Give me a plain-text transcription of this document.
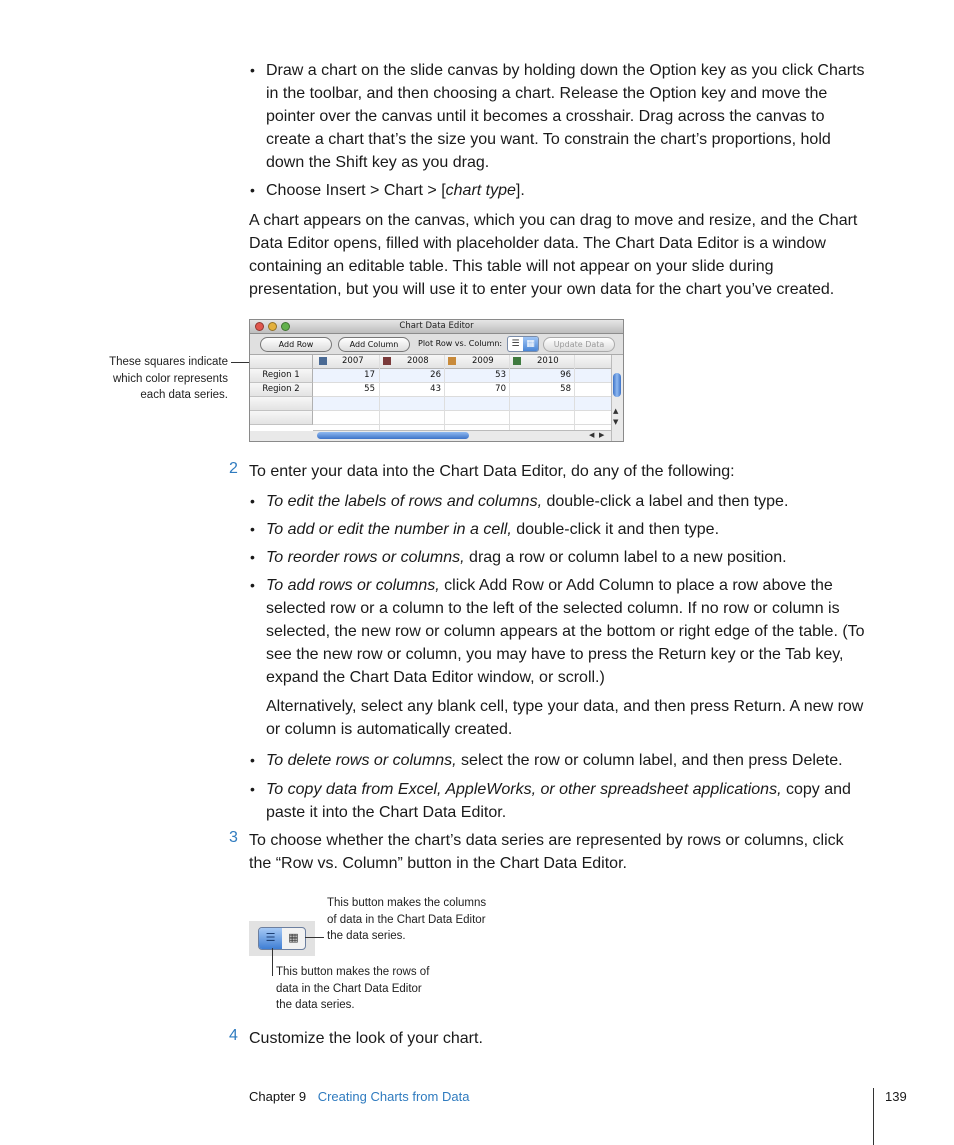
• Draw a chart on the slide canvas by holding down the Option key as you click Charts in the toolbar, and then choosing a chart. Release the Option key and move the pointer over the canvas until it becomes a crosshair. Drag across the canvas to create a chart that’s the size you want. To constrain the chart’s proportions, hold down the Shift key as you drag.
• Choose Insert > Chart > [chart type].
A chart appears on the canvas, which you can drag to move and resize, and the Chart Data Editor opens, filled with placeholder data. The Chart Data Editor is a window containing an editable table. This table will not appear on your slide during presentation, but you will use it to enter your own data for the chart you’ve created.
These squares indicate which color represents each data series.
Chart Data Editor
Add Row	Add Column	Plot Row vs. Column:	☰ ▦	Update Data
2007	2008	2009	2010
Region 1	17	26	53	96
Region 2	55	43	70	58
▲
▼
◀ ▶
2 To enter your data into the Chart Data Editor, do any of the following:
• To edit the labels of rows and columns, double-click a label and then type.
• To add or edit the number in a cell, double-click it and then type.
• To reorder rows or columns, drag a row or column label to a new position.
• To add rows or columns, click Add Row or Add Column to place a row above the selected row or a column to the left of the selected column. If no row or column is selected, the new row or column appears at the bottom or right edge of the table. (To see the new row or column, you may have to press the Return key or the Tab key, expand the Chart Data Editor window, or scroll.)
Alternatively, select any blank cell, type your data, and then press Return. A new row or column is automatically created.
• To delete rows or columns, select the row or column label, and then press Delete.
• To copy data from Excel, AppleWorks, or other spreadsheet applications, copy and paste it into the Chart Data Editor.
3 To choose whether the chart’s data series are represented by rows or columns, click the “Row vs. Column” button in the Chart Data Editor.
☰	▦
This button makes the columns of data in the Chart Data Editor the data series.
This button makes the rows of data in the Chart Data Editor the data series.
4 Customize the look of your chart.
Chapter 9 Creating Charts from Data	139
